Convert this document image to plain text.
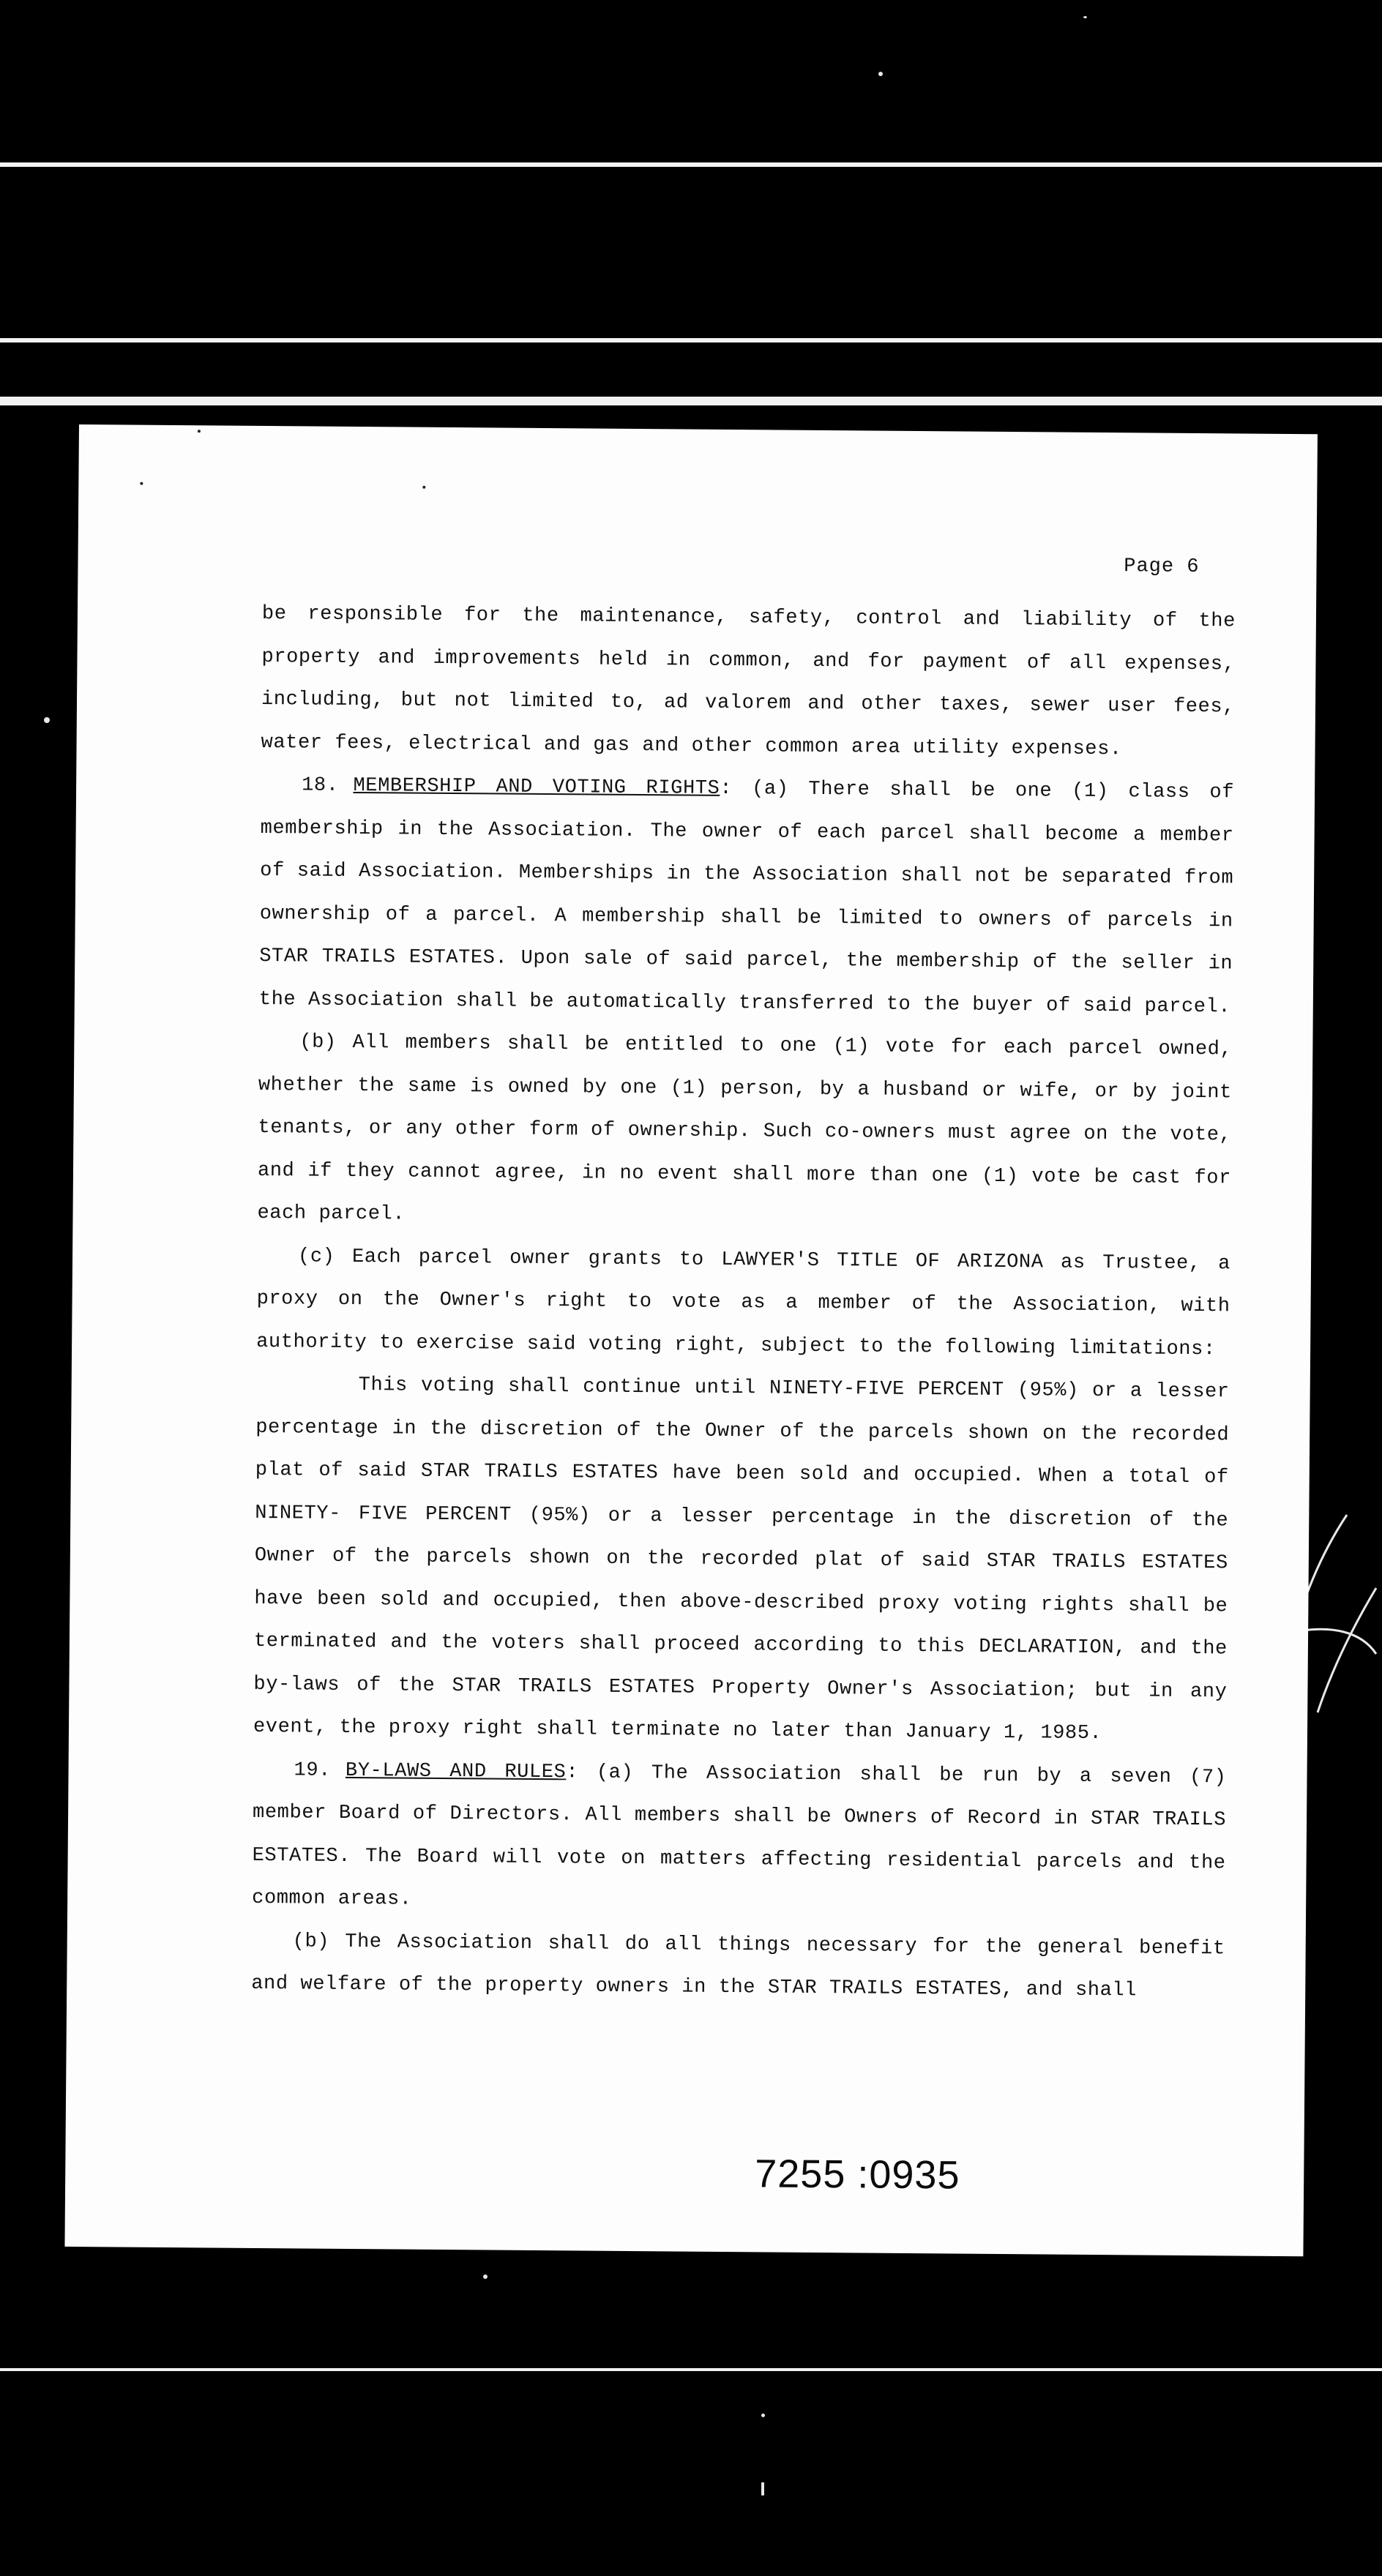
Page 6

be responsible for the maintenance, safety, control and liability of the property and improvements held in common, and for payment of all expenses, including, but not limited to, ad valorem and other taxes, sewer user fees, water fees, electrical and gas and other common area utility expenses.

18. MEMBERSHIP AND VOTING RIGHTS: (a) There shall be one (1) class of membership in the Association. The owner of each parcel shall become a member of said Association. Memberships in the Association shall not be separated from ownership of a parcel. A membership shall be limited to owners of parcels in STAR TRAILS ESTATES. Upon sale of said parcel, the membership of the seller in the Association shall be automatically transferred to the buyer of said parcel.

(b) All members shall be entitled to one (1) vote for each parcel owned, whether the same is owned by one (1) person, by a husband or wife, or by joint tenants, or any other form of ownership. Such co-owners must agree on the vote, and if they cannot agree, in no event shall more than one (1) vote be cast for each parcel.

(c) Each parcel owner grants to LAWYER'S TITLE OF ARIZONA as Trustee, a proxy on the Owner's right to vote as a member of the Association, with authority to exercise said voting right, subject to the following limitations:

This voting shall continue until NINETY-FIVE PERCENT (95%) or a lesser percentage in the discretion of the Owner of the parcels shown on the recorded plat of said STAR TRAILS ESTATES have been sold and occupied. When a total of NINETY- FIVE PERCENT (95%) or a lesser percentage in the discretion of the Owner of the parcels shown on the recorded plat of said STAR TRAILS ESTATES have been sold and occupied, then above-described proxy voting rights shall be terminated and the voters shall proceed according to this DECLARATION, and the by-laws of the STAR TRAILS ESTATES Property Owner's Association; but in any event, the proxy right shall terminate no later than January 1, 1985.

19. BY-LAWS AND RULES: (a) The Association shall be run by a seven (7) member Board of Directors. All members shall be Owners of Record in STAR TRAILS ESTATES. The Board will vote on matters affecting residential parcels and the common areas.

(b) The Association shall do all things necessary for the general benefit and welfare of the property owners in the STAR TRAILS ESTATES, and shall

7255 :0935
